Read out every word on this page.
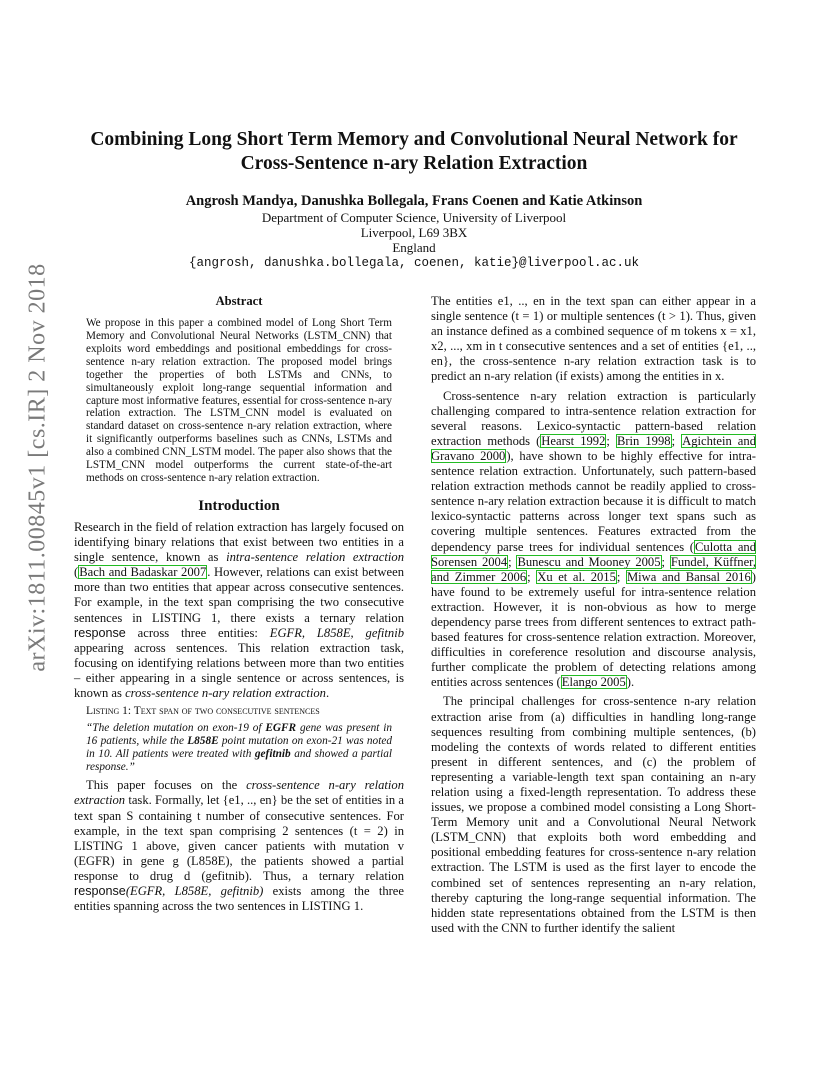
arXiv:1811.00845v1 [cs.IR] 2 Nov 2018
Combining Long Short Term Memory and Convolutional Neural Network for
Cross-Sentence n-ary Relation Extraction
Angrosh Mandya, Danushka Bollegala, Frans Coenen and Katie Atkinson
Department of Computer Science, University of Liverpool
Liverpool, L69 3BX
England
{angrosh, danushka.bollegala, coenen, katie}@liverpool.ac.uk
Abstract

We propose in this paper a combined model of Long Short Term Memory and Convolutional Neural Networks (LSTM_CNN) that exploits word embeddings and positional embeddings for cross-sentence n-ary relation extraction. The proposed model brings together the properties of both LSTMs and CNNs, to simultaneously exploit long-range sequential information and capture most informative features, essential for cross-sentence n-ary relation extraction. The LSTM_CNN model is evaluated on standard dataset on cross-sentence n-ary relation extraction, where it significantly outperforms baselines such as CNNs, LSTMs and also a combined CNN_LSTM model. The paper also shows that the LSTM_CNN model outperforms the current state-of-the-art methods on cross-sentence n-ary relation extraction.

Introduction

Research in the field of relation extraction has largely focused on identifying binary relations that exist between two entities in a single sentence, known as intra-sentence relation extraction (Bach and Badaskar 2007. However, relations can exist between more than two entities that appear across consecutive sentences. For example, in the text span comprising the two consecutive sentences in LISTING 1, there exists a ternary relation response across three entities: EGFR, L858E, gefitnib appearing across sentences. This relation extraction task, focusing on identifying relations between more than two entities – either appearing in a single sentence or across sentences, is known as cross-sentence n-ary relation extraction.

Listing 1: Text span of two consecutive sentences

“The deletion mutation on exon-19 of EGFR gene was present in 16 patients, while the L858E point mutation on exon-21 was noted in 10. All patients were treated with gefitnib and showed a partial response.”

This paper focuses on the cross-sentence n-ary relation extraction task. Formally, let {e1, .., en} be the set of entities in a text span S containing t number of consecutive sentences. For example, in the text span comprising 2 sentences (t = 2) in LISTING 1 above, given cancer patients with mutation v (EGFR) in gene g (L858E), the patients showed a partial response to drug d (gefitnib). Thus, a ternary relation response(EGFR, L858E, gefitnib) exists among the three entities spanning across the two sentences in LISTING 1.

The entities e1, .., en in the text span can either appear in a single sentence (t = 1) or multiple sentences (t > 1). Thus, given an instance defined as a combined sequence of m tokens x = x1, x2, ..., xm in t consecutive sentences and a set of entities {e1, .., en}, the cross-sentence n-ary relation extraction task is to predict an n-ary relation (if exists) among the entities in x.

Cross-sentence n-ary relation extraction is particularly challenging compared to intra-sentence relation extraction for several reasons. Lexico-syntactic pattern-based relation extraction methods (Hearst 1992; Brin 1998; Agichtein and Gravano 2000), have shown to be highly effective for intra-sentence relation extraction. Unfortunately, such pattern-based relation extraction methods cannot be readily applied to cross-sentence n-ary relation extraction because it is difficult to match lexico-syntactic patterns across longer text spans such as covering multiple sentences. Features extracted from the dependency parse trees for individual sentences (Culotta and Sorensen 2004; Bunescu and Mooney 2005; Fundel, Küffner, and Zimmer 2006; Xu et al. 2015; Miwa and Bansal 2016) have found to be extremely useful for intra-sentence relation extraction. However, it is non-obvious as how to merge dependency parse trees from different sentences to extract path-based features for cross-sentence relation extraction. Moreover, difficulties in coreference resolution and discourse analysis, further complicate the problem of detecting relations among entities across sentences (Elango 2005).

The principal challenges for cross-sentence n-ary relation extraction arise from (a) difficulties in handling long-range sequences resulting from combining multiple sentences, (b) modeling the contexts of words related to different entities present in different sentences, and (c) the problem of representing a variable-length text span containing an n-ary relation using a fixed-length representation. To address these issues, we propose a combined model consisting a Long Short-Term Memory unit and a Convolutional Neural Network (LSTM_CNN) that exploits both word embedding and positional embedding features for cross-sentence n-ary relation extraction. The LSTM is used as the first layer to encode the combined set of sentences representing an n-ary relation, thereby capturing the long-range sequential information. The hidden state representations obtained from the LSTM is then used with the CNN to further identify the salient
